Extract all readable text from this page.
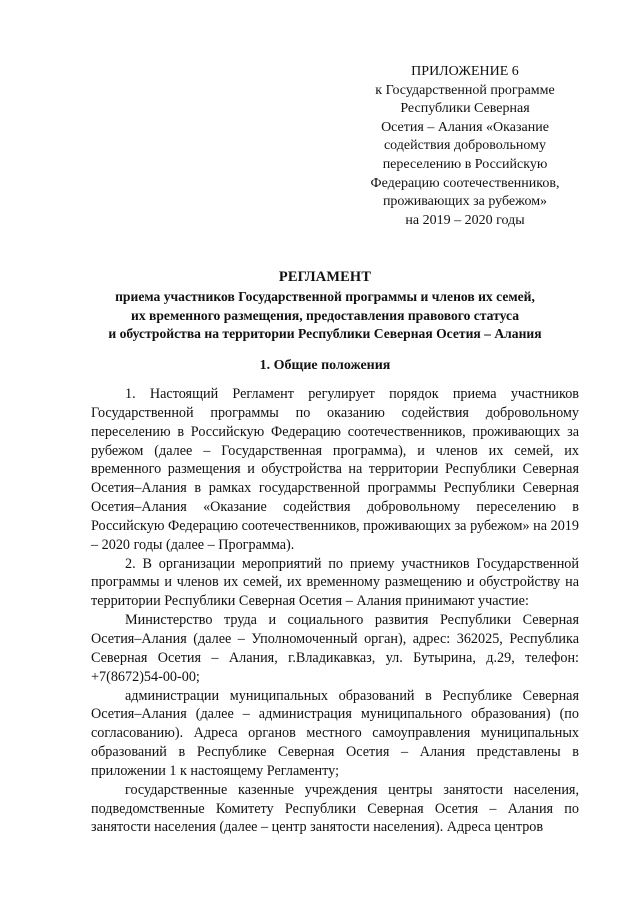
ПРИЛОЖЕНИЕ 6
к Государственной программе
Республики Северная
Осетия – Алания «Оказание
содействия добровольному
переселению в Российскую
Федерацию соотечественников,
проживающих за рубежом»
на 2019 – 2020 годы
РЕГЛАМЕНТ
приема участников Государственной программы и членов их семей,
их временного размещения, предоставления правового статуса
и обустройства на территории Республики Северная Осетия – Алания
1. Общие положения

1. Настоящий Регламент регулирует порядок приема участников Государственной программы по оказанию содействия добровольному переселению в Российскую Федерацию соотечественников, проживающих за рубежом (далее – Государственная программа), и членов их семей, их временного размещения и обустройства на территории Республики Северная Осетия–Алания в рамках государственной программы Республики Северная Осетия–Алания «Оказание содействия добровольному переселению в Российскую Федерацию соотечественников, проживающих за рубежом» на 2019 – 2020 годы (далее – Программа).

2. В организации мероприятий по приему участников Государственной программы и членов их семей, их временному размещению и обустройству на территории Республики Северная Осетия – Алания принимают участие:

Министерство труда и социального развития Республики Северная Осетия–Алания (далее – Уполномоченный орган), адрес: 362025, Республика Северная Осетия – Алания, г.Владикавказ, ул. Бутырина, д.29, телефон: +7(8672)54-00-00;

администрации муниципальных образований в Республике Северная Осетия–Алания (далее – администрация муниципального образования) (по согласованию). Адреса органов местного самоуправления муниципальных образований в Республике Северная Осетия – Алания представлены в приложении 1 к настоящему Регламенту;

государственные казенные учреждения центры занятости населения, подведомственные Комитету Республики Северная Осетия – Алания по занятости населения (далее – центр занятости населения). Адреса центров
